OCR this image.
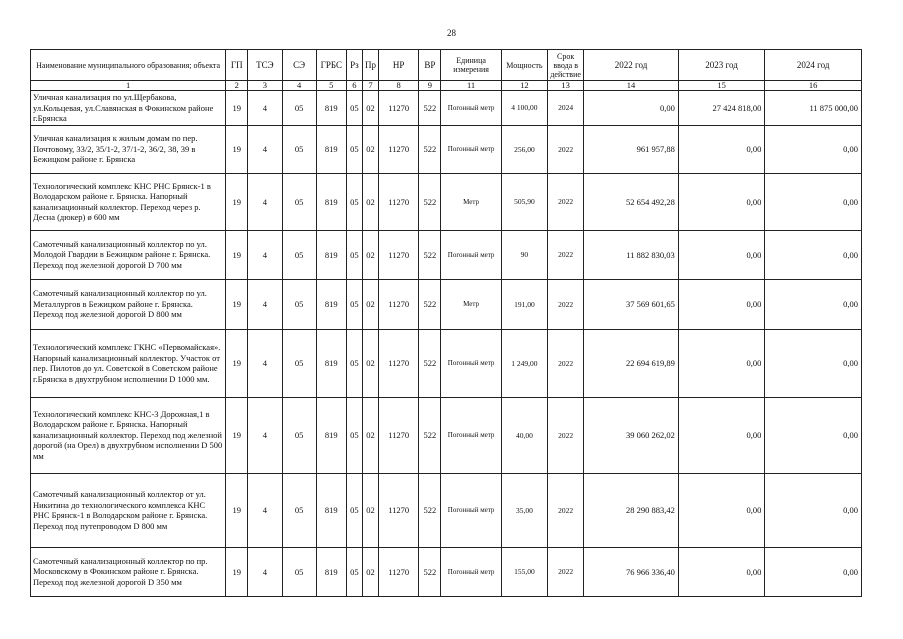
28
Наименование муниципального образования; объекта	ГП	ТСЭ	СЭ	ГРБС	Рз	Пр	НР	ВР	Единица измерения	Мощность	Срок ввода в действие	2022 год	2023 год	2024 год
1	2	3	4	5	6	7	8	9	11	12	13	14	15	16
Уличная канализация по ул.Щербакова, ул.Кольцевая, ул.Славянская в Фокинском районе г.Брянска	19	4	05	819	05	02	11270	522	Погонный метр	4 100,00	2024	0,00	27 424 818,00	11 875 000,00
Уличная канализация к жилым домам по пер. Почтовому, 33/2, 35/1-2, 37/1-2, 36/2, 38, 39 в Бежицком районе г. Брянска	19	4	05	819	05	02	11270	522	Погонный метр	256,00	2022	961 957,88	0,00	0,00
Технологический комплекс КНС РНС Брянск-1 в Володарском районе г. Брянска. Напорный канализационный коллектор. Переход через р. Десна (дюкер) ø 600 мм	19	4	05	819	05	02	11270	522	Метр	505,90	2022	52 654 492,28	0,00	0,00
Самотечный канализационный коллектор по ул. Молодой Гвардии в Бежицком районе г. Брянска. Переход под железной дорогой D 700 мм	19	4	05	819	05	02	11270	522	Погонный метр	90	2022	11 882 830,03	0,00	0,00
Самотечный канализационный коллектор по ул. Металлургов в Бежицком районе г. Брянска. Переход под железной дорогой D 800 мм	19	4	05	819	05	02	11270	522	Метр	191,00	2022	37 569 601,65	0,00	0,00
Технологический комплекс ГКНС «Первомайская». Напорный канализационный коллектор. Участок от пер. Пилотов до ул. Советской в Советском районе г.Брянска в двухтрубном исполнении D 1000 мм.	19	4	05	819	05	02	11270	522	Погонный метр	1 249,00	2022	22 694 619,89	0,00	0,00
Технологический комплекс КНС-3 Дорожная,1 в Володарском районе г. Брянска. Напорный канализационный коллектор. Переход под железной дорогой (на Орел) в двухтрубном исполнении D 500 мм	19	4	05	819	05	02	11270	522	Погонный метр	40,00	2022	39 060 262,02	0,00	0,00
Самотечный канализационный коллектор от ул. Никитина до технологического комплекса КНС РНС Брянск-1 в Володарском районе г. Брянска. Переход под путепроводом D 800 мм	19	4	05	819	05	02	11270	522	Погонный метр	35,00	2022	28 290 883,42	0,00	0,00
Самотечный канализационный коллектор по пр. Московскому в Фокинском районе г. Брянска. Переход под железной дорогой D 350 мм	19	4	05	819	05	02	11270	522	Погонный метр	155,00	2022	76 966 336,40	0,00	0,00
